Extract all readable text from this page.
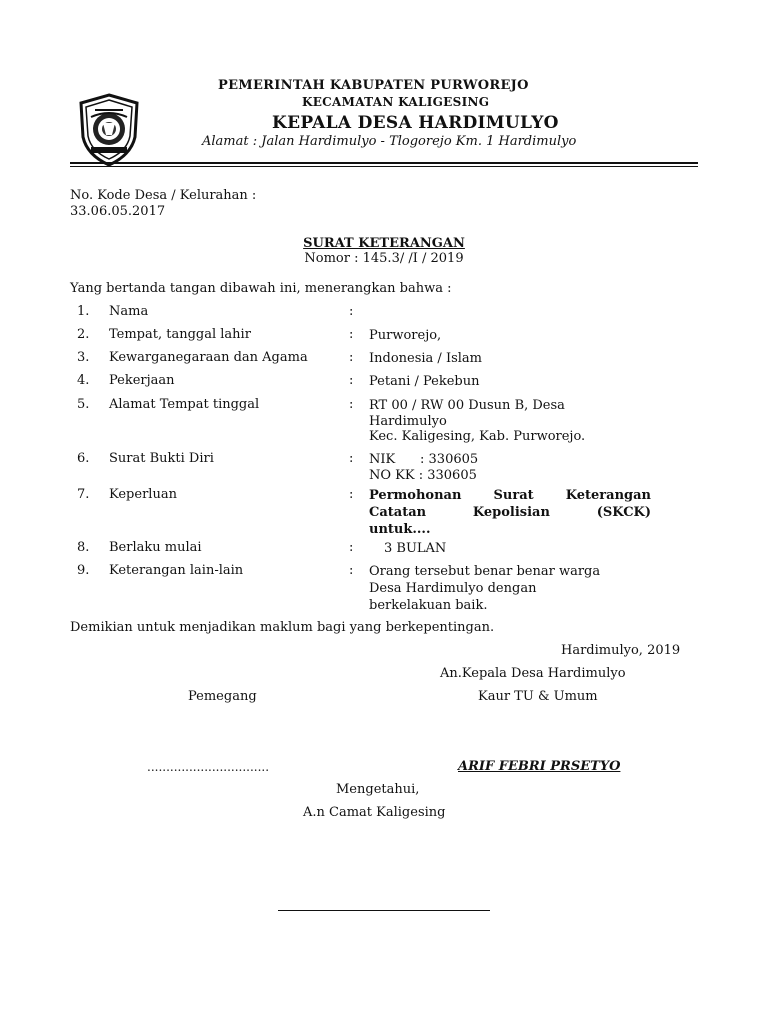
PEMERINTAH KABUPATEN PURWOREJO
KECAMATAN KALIGESING
KEPALA DESA HARDIMULYO
Alamat : Jalan Hardimulyo - Tlogorejo Km. 1 Hardimulyo
No. Kode Desa / Kelurahan :
33.06.05.2017
SURAT KETERANGAN
Nomor : 145.3/ /I / 2019
Yang bertanda tangan dibawah ini, menerangkan bahwa :
1.	Nama	:
2.	Tempat, tanggal lahir	: Purworejo,
3.	Kewarganegaraan dan Agama	: Indonesia / Islam
4.	Pekerjaan	: Petani / Pekebun
5.	Alamat Tempat tinggal	: RT 00 / RW 00 Dusun B, Desa
Hardimulyo
Kec. Kaligesing, Kab. Purworejo.
6.	Surat Bukti Diri	: NIK      : 330605
NO KK : 330605
7.	Keperluan	: Permohonan Surat Keterangan
Catatan Kepolisian (SKCK)
untuk....
8.	Berlaku mulai	: 3 BULAN
9.	Keterangan lain-lain	: Orang tersebut benar benar warga
Desa Hardimulyo dengan
berkelakuan baik.
Demikian untuk menjadikan maklum bagi yang berkepentingan.
Hardimulyo, 2019
An.Kepala Desa Hardimulyo
Pemegang	Kaur TU & Umum
................................	ARIF FEBRI PRSETYO
Mengetahui,
A.n Camat Kaligesing
